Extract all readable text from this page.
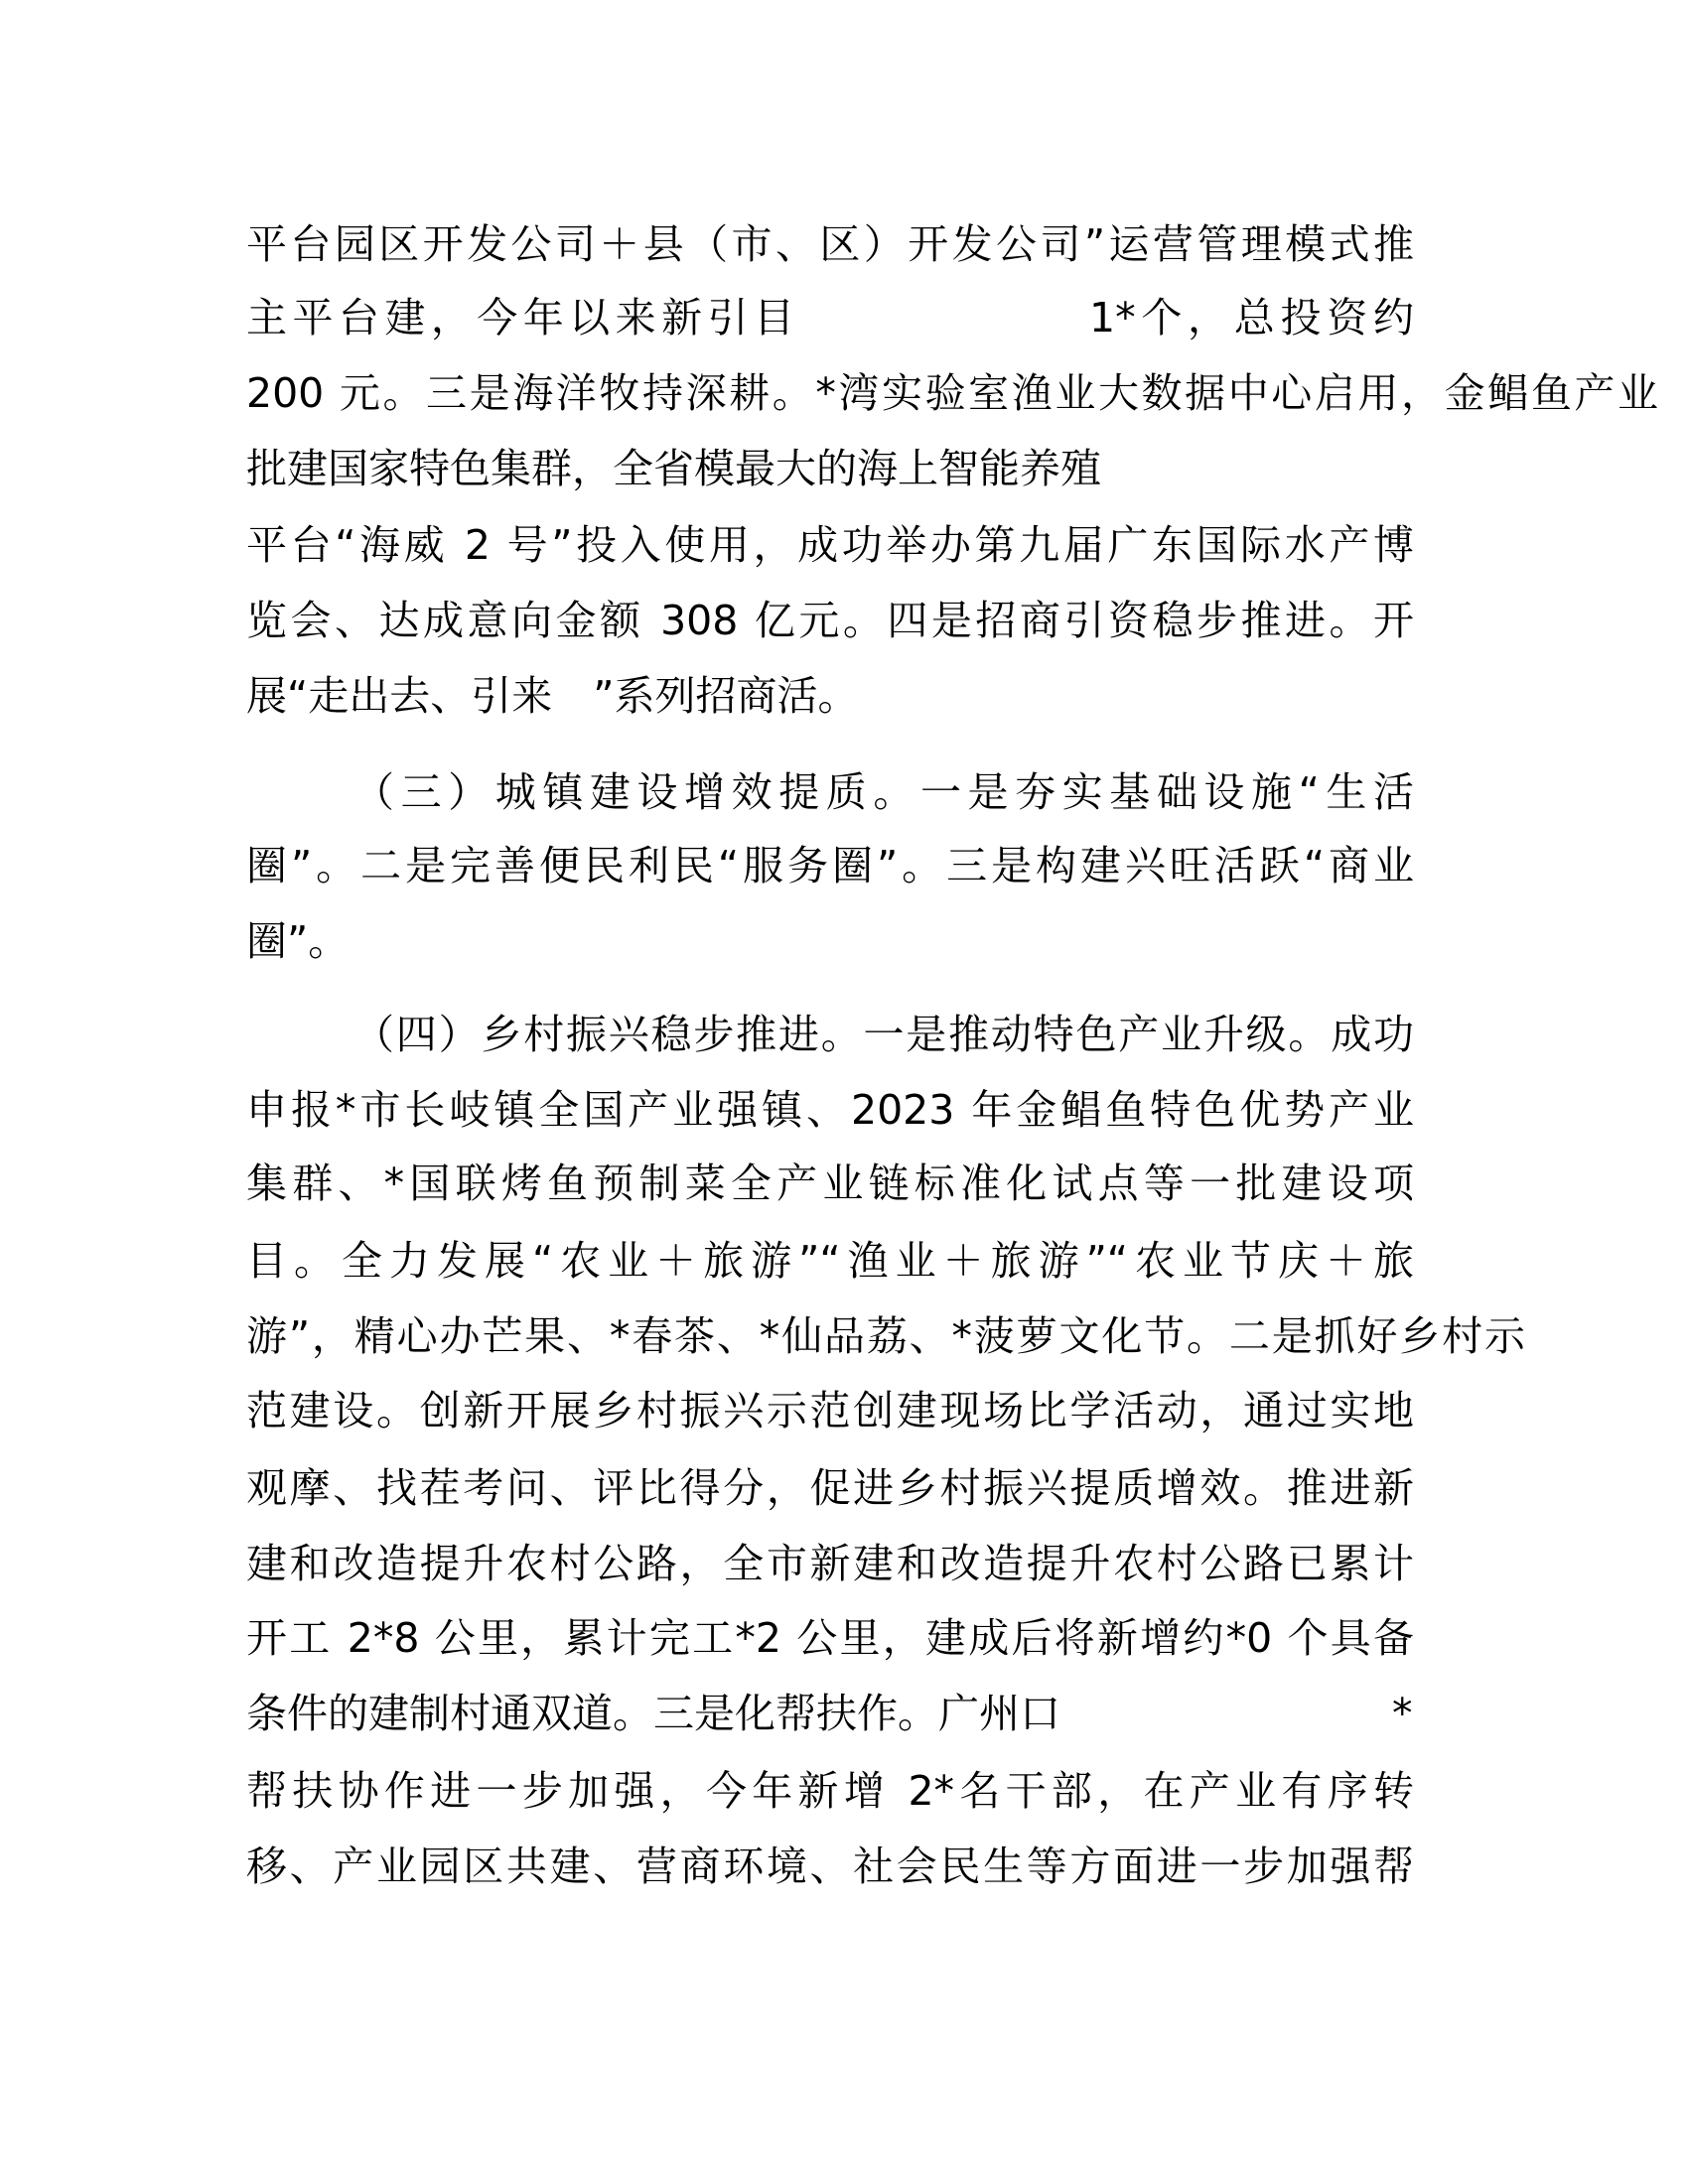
平台园区开发公司＋县（市、区）开发公司”运营管理模式推
主平台建，今年以来新引目	1*个，总投资约
200 元。三是海洋牧持深耕。*湾实验室渔业大数据中心启用，金鲳鱼产业
批建国家特色集群，全省模最大的海上智能养殖
平台“海威 2 号”投入使用，成功举办第九届广东国际水产博
览会、达成意向金额 308 亿元。四是招商引资稳步推进。开
展“走出去、引来　”系列招商活。
（三）城镇建设增效提质。一是夯实基础设施“生活
圈”。二是完善便民利民“服务圈”。三是构建兴旺活跃“商业
圈”。
（四）乡村振兴稳步推进。一是推动特色产业升级。成功
申报*市长岐镇全国产业强镇、2023 年金鲳鱼特色优势产业
集群、*国联烤鱼预制菜全产业链标准化试点等一批建设项
目。全力发展“农业＋旅游”“渔业＋旅游”“农业节庆＋旅
游”，精心办芒果、*春茶、*仙品荔、*菠萝文化节。二是抓好乡村示
范建设。创新开展乡村振兴示范创建现场比学活动，通过实地
观摩、找茬考问、评比得分，促进乡村振兴提质增效。推进新
建和改造提升农村公路，全市新建和改造提升农村公路已累计
开工 2*8 公里，累计完工*2 公里，建成后将新增约*0 个具备
条件的建制村通双道。三是化帮扶作。广州口	*
帮扶协作进一步加强，今年新增 2*名干部，在产业有序转
移、产业园区共建、营商环境、社会民生等方面进一步加强帮
